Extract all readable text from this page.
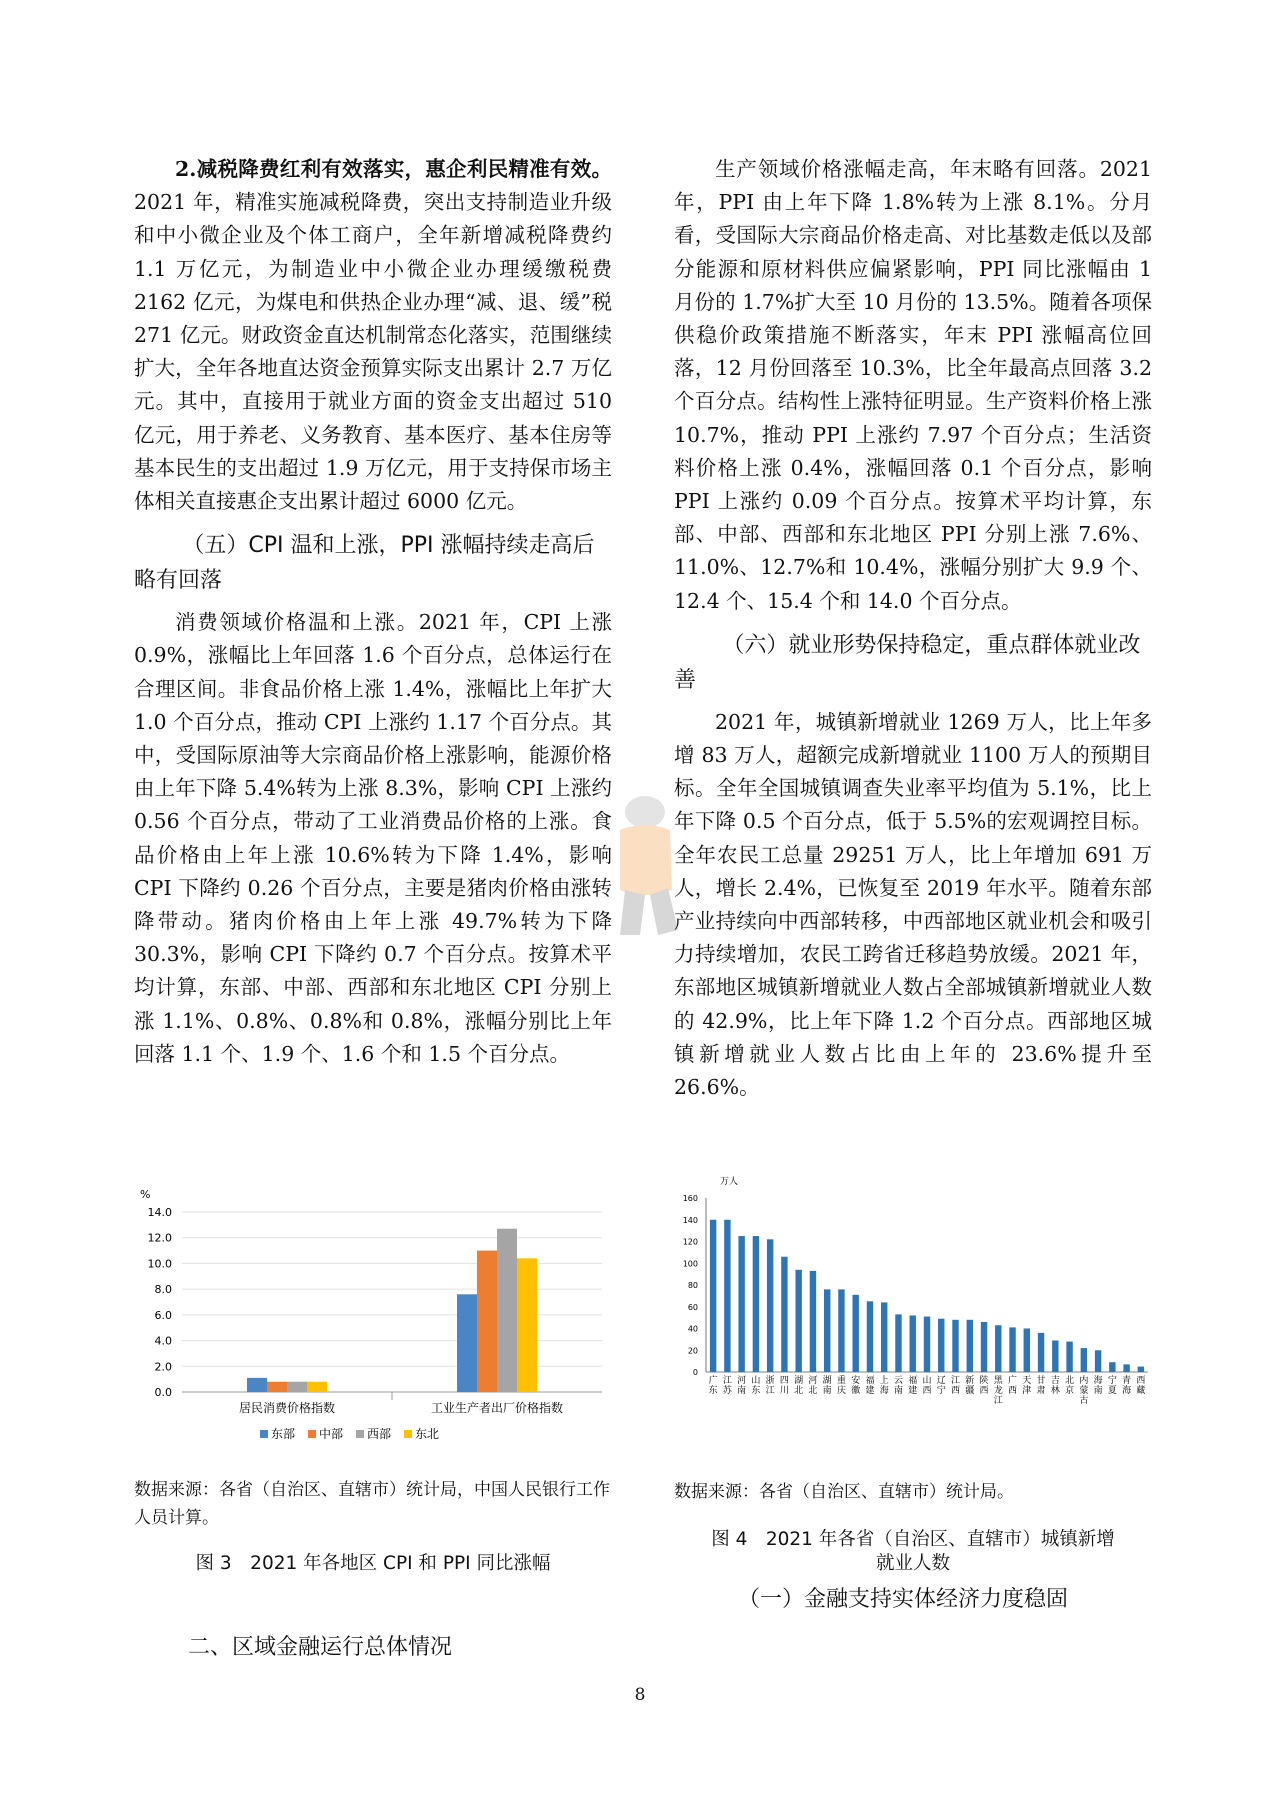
2.减税降费红利有效落实，惠企利民精准有效。2021 年，精准实施减税降费，突出支持制造业升级和中小微企业及个体工商户，全年新增减税降费约 1.1 万亿元，为制造业中小微企业办理缓缴税费 2162 亿元，为煤电和供热企业办理“减、退、缓”税 271 亿元。财政资金直达机制常态化落实，范围继续扩大，全年各地直达资金预算实际支出累计 2.7 万亿元。其中，直接用于就业方面的资金支出超过 510 亿元，用于养老、义务教育、基本医疗、基本住房等基本民生的支出超过 1.9 万亿元，用于支持保市场主体相关直接惠企支出累计超过 6000 亿元。

（五）CPI 温和上涨，PPI 涨幅持续走高后略有回落

消费领域价格温和上涨。2021 年，CPI 上涨 0.9%，涨幅比上年回落 1.6 个百分点，总体运行在合理区间。非食品价格上涨 1.4%，涨幅比上年扩大 1.0 个百分点，推动 CPI 上涨约 1.17 个百分点。其中，受国际原油等大宗商品价格上涨影响，能源价格由上年下降 5.4%转为上涨 8.3%，影响 CPI 上涨约 0.56 个百分点，带动了工业消费品价格的上涨。食品价格由上年上涨 10.6%转为下降 1.4%，影响 CPI 下降约 0.26 个百分点，主要是猪肉价格由涨转降带动。猪肉价格由上年上涨 49.7%转为下降 30.3%，影响 CPI 下降约 0.7 个百分点。按算术平均计算，东部、中部、西部和东北地区 CPI 分别上涨 1.1%、0.8%、0.8%和 0.8%，涨幅分别比上年回落 1.1 个、1.9 个、1.6 个和 1.5 个百分点。

%
0.0
2.0
4.0
6.0
8.0
10.0
12.0
14.0
居民消费价格指数	工业生产者出厂价格指数
东部 中部 西部 东北

数据来源：各省（自治区、直辖市）统计局，中国人民银行工作人员计算。

图 3　2021 年各地区 CPI 和 PPI 同比涨幅

二、区域金融运行总体情况

生产领域价格涨幅走高，年末略有回落。2021 年，PPI 由上年下降 1.8%转为上涨 8.1%。分月看，受国际大宗商品价格走高、对比基数走低以及部分能源和原材料供应偏紧影响，PPI 同比涨幅由 1 月份的 1.7%扩大至 10 月份的 13.5%。随着各项保供稳价政策措施不断落实，年末 PPI 涨幅高位回落，12 月份回落至 10.3%，比全年最高点回落 3.2 个百分点。结构性上涨特征明显。生产资料价格上涨 10.7%，推动 PPI 上涨约 7.97 个百分点；生活资料价格上涨 0.4%，涨幅回落 0.1 个百分点，影响 PPI 上涨约 0.09 个百分点。按算术平均计算，东部、中部、西部和东北地区 PPI 分别上涨 7.6%、11.0%、12.7%和 10.4%，涨幅分别扩大 9.9 个、12.4 个、15.4 个和 14.0 个百分点。

（六）就业形势保持稳定，重点群体就业改善

2021 年，城镇新增就业 1269 万人，比上年多增 83 万人，超额完成新增就业 1100 万人的预期目标。全年全国城镇调查失业率平均值为 5.1%，比上年下降 0.5 个百分点，低于 5.5%的宏观调控目标。全年农民工总量 29251 万人，比上年增加 691 万人，增长 2.4%，已恢复至 2019 年水平。随着东部产业持续向中西部转移，中西部地区就业机会和吸引力持续增加，农民工跨省迁移趋势放缓。2021 年，东部地区城镇新增就业人数占全部城镇新增就业人数的 42.9%，比上年下降 1.2 个百分点。西部地区城镇新增就业人数占比由上年的 23.6%提升至 26.6%。

万人
0
20
40
60
80
100
120
140
160
广
东
江
苏
河
南
山
东
浙
江
四
川
湖
北
河
北
湖
南
重
庆
安
徽
福
建
上
海
云
南
福
建
山
西
辽
宁
江
西
新
疆
陕
西
黑
龙
江
广
西
天
津
甘
肃
吉
林
北
京
内
蒙
古
海
南
宁
夏
青
海
西
藏

数据来源：各省（自治区、直辖市）统计局。

图 4　2021 年各省（自治区、直辖市）城镇新增

就业人数

（一）金融支持实体经济力度稳固

8
